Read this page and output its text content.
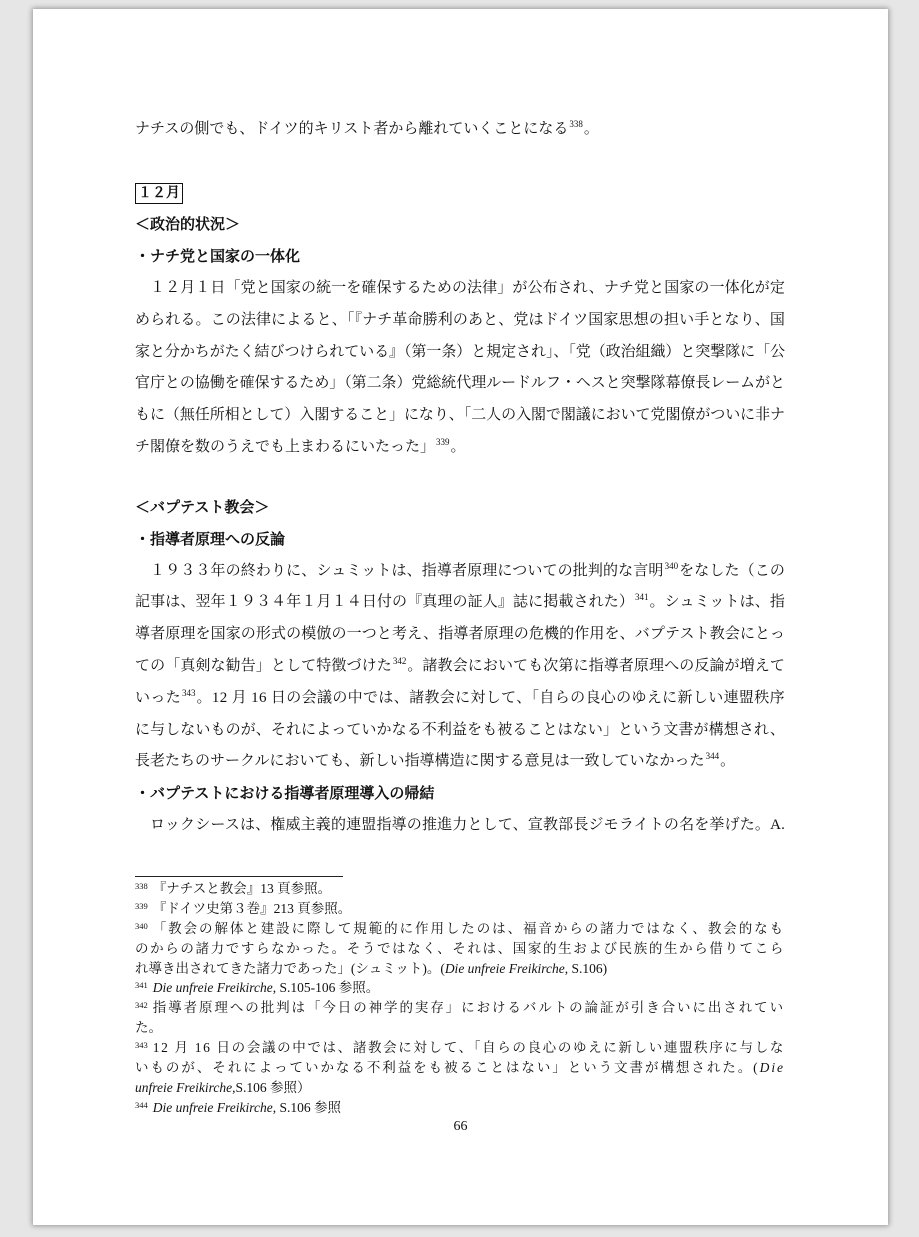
ナチスの側でも、ドイツ的キリスト者から離れていくことになる$^{338}$。
１２月
＜政治的状況＞
・ナチ党と国家の一体化
１２月１日「党と国家の統一を確保するための法律」が公布され、ナチ党と国家の一体化が定
められる。この法律によると、「『ナチ革命勝利のあと、党はドイツ国家思想の担い手となり、国
家と分かちがたく結びつけられている』（第一条）と規定され」、「党（政治組織）と突撃隊に「公
官庁との協働を確保するため」（第二条）党総統代理ルードルフ・ヘスと突撃隊幕僚長レームがと
もに（無任所相として）入閣すること」になり、「二人の入閣で閣議において党閣僚がついに非ナ
チ閣僚を数のうえでも上まわるにいたった」$^{339}$。
＜バプテスト教会＞
・指導者原理への反論
１９３３年の終わりに、シュミットは、指導者原理についての批判的な言明$^{340}$をなした（この
記事は、翌年１９３４年１月１４日付の『真理の証人』誌に掲載された）$^{341}$。シュミットは、指
導者原理を国家の形式の模倣の一つと考え、指導者原理の危機的作用を、バプテスト教会にとっ
ての「真剣な勧告」として特徴づけた$^{342}$。諸教会においても次第に指導者原理への反論が増えて
いった$^{343}$。12 月 16 日の会議の中では、諸教会に対して、「自らの良心のゆえに新しい連盟秩序
に与しないものが、それによっていかなる不利益をも被ることはない」という文書が構想され、
長老たちのサークルにおいても、新しい指導構造に関する意見は一致していなかった$^{344}$。
・バプテストにおける指導者原理導入の帰結
ロックシースは、権威主義的連盟指導の推進力として、宣教部長ジモライトの名を挙げた。A.
$^{338}$ 『ナチスと教会』13 頁参照。
$^{339}$ 『ドイツ史第３巻』213 頁参照。
$^{340}$ 「教会の解体と建設に際して規範的に作用したのは、福音からの諸力ではなく、教会的なも
のからの諸力ですらなかった。そうではなく、それは、国家的生および民族的生から借りてこら
れ導き出されてきた諸力であった」(シュミット)。(Die unfreie Freikirche, S.106)
$^{341}$ Die unfreie Freikirche, S.105-106 参照。
$^{342}$ 指導者原理への批判は「今日の神学的実存」におけるバルトの論証が引き合いに出されてい
た。
$^{343}$ 12 月 16 日の会議の中では、諸教会に対して、「自らの良心のゆえに新しい連盟秩序に与しな
いものが、それによっていかなる不利益をも被ることはない」という文書が構想された。(Die
unfreie Freikirche,S.106 参照）
$^{344}$ Die unfreie Freikirche, S.106 参照
66
